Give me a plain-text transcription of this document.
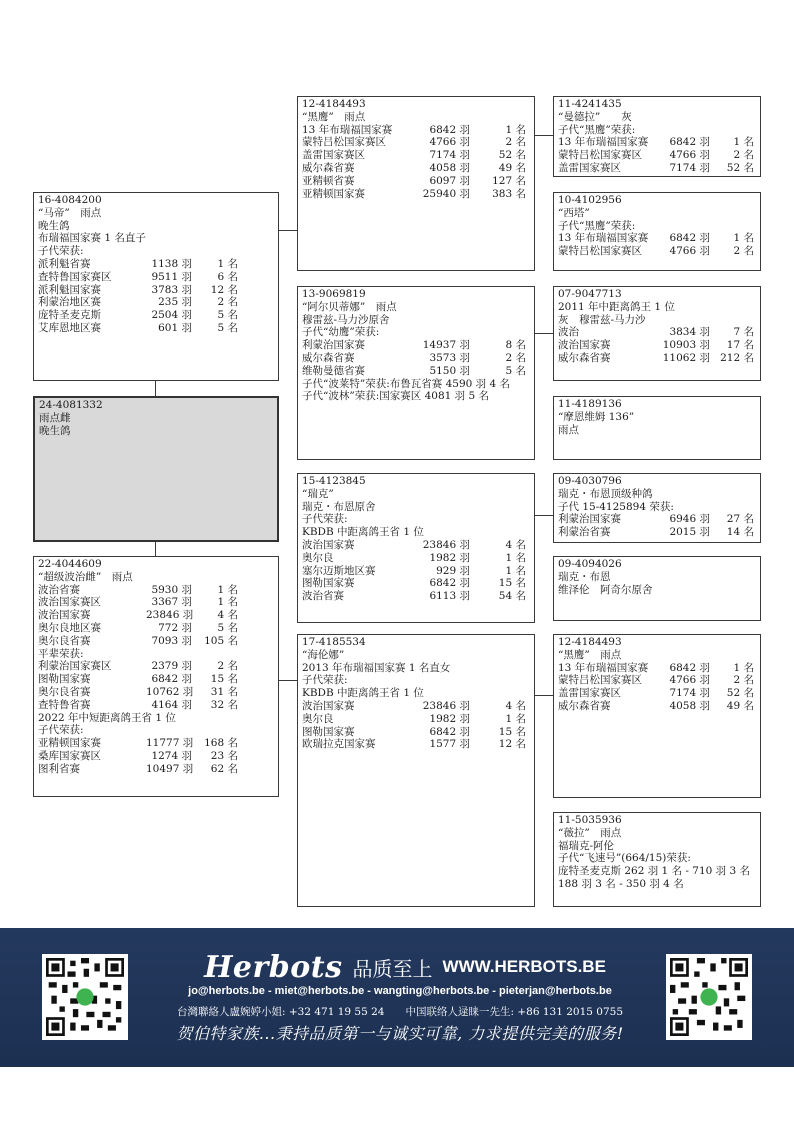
16-4084200
“马帝”　雨点
晚生鸽
布瑞福国家赛 1 名直子
子代荣获:
派利魁省赛	1138 羽	1 名
查特鲁国家赛区	9511 羽	6 名
派利魁国家赛	3783 羽	12 名
利蒙治地区赛	235 羽	2 名
庞特圣麦克斯	2504 羽	5 名
艾库恩地区赛	601 羽	5 名
24-4081332
雨点雌
晚生鸽
22-4044609
“超级波治雌”　雨点
波治省赛	5930 羽	1 名
波治国家赛区	3367 羽	1 名
波治国家赛	23846 羽	4 名
奥尔良地区赛	772 羽	5 名
奥尔良省赛	7093 羽	105 名
平辈荣获:
利蒙治国家赛区	2379 羽	2 名
图勒国家赛	6842 羽	15 名
奥尔良省赛	10762 羽	31 名
查特鲁省赛	4164 羽	32 名
2022 年中短距离鸽王省 1 位
子代荣获:
亚精顿国家赛	11777 羽	168 名
桑库国家赛区	1274 羽	23 名
图利省赛	10497 羽	62 名
12-4184493
“黑鹰”　雨点
13 年布瑞福国家赛	6842 羽	1 名
蒙特吕松国家赛区	4766 羽	2 名
盖雷国家赛区	7174 羽	52 名
威尔森省赛	4058 羽	49 名
亚精顿省赛	6097 羽	127 名
亚精顿国家赛	25940 羽	383 名
13-9069819
“阿尔贝蒂娜”　雨点
穆雷兹-马力沙原舍
子代“幼鹰”荣获:
利蒙治国家赛	14937 羽	8 名
威尔森省赛	3573 羽	2 名
维勒曼德省赛	5150 羽	5 名
子代“波莱特”荣获:布鲁瓦省赛 4590 羽 4 名
子代“波林”荣获:国家赛区 4081 羽 5 名
15-4123845
“瑞克”
瑞克・布恩原舍
子代荣获:
KBDB 中距离鸽王省 1 位
波治国家赛	23846 羽	4 名
奥尔良	1982 羽	1 名
塞尔迈斯地区赛	929 羽	1 名
图勒国家赛	6842 羽	15 名
波治省赛	6113 羽	54 名
17-4185534
“海伦娜”
2013 年布瑞福国家赛 1 名直女
子代荣获:
KBDB 中距离鸽王省 1 位
波治国家赛	23846 羽	4 名
奥尔良	1982 羽	1 名
图勒国家赛	6842 羽	15 名
欧瑞拉克国家赛	1577 羽	12 名
11-4241435
“曼德拉”　　灰
子代“黑鹰”荣获:
13 年布瑞福国家赛	6842 羽	1 名
蒙特吕松国家赛区	4766 羽	2 名
盖雷国家赛区	7174 羽	52 名
10-4102956
“西塔”
子代“黑鹰”荣获:
13 年布瑞福国家赛	6842 羽	1 名
蒙特吕松国家赛区	4766 羽	2 名
07-9047713
2011 年中距离鸽王 1 位
灰　穆雷兹-马力沙
波治	3834 羽	7 名
波治国家赛	10903 羽	17 名
威尔森省赛	11062 羽 212 名
11-4189136
“摩恩维姆 136”
雨点
09-4030796
瑞克・布恩顶级种鸽
子代 15-4125894 荣获:
利蒙治国家赛	6946 羽	27 名
利蒙治省赛	2015 羽	14 名
09-4094026
瑞克・布恩
维泽伦　阿奇尔原舍
12-4184493
“黑鹰”　雨点
13 年布瑞福国家赛	6842 羽	1 名
蒙特吕松国家赛区	4766 羽	2 名
盖雷国家赛区	7174 羽	52 名
威尔森省赛	4058 羽	49 名
11-5035936
“薇拉”　雨点
福瑞克-阿伦
子代“飞速号”(664/15)荣获:
庞特圣麦克斯 262 羽 1 名 - 710 羽 3 名
188 羽 3 名 - 350 羽 4 名
Herbots 品质至上 WWW.HERBOTS.BE
jo@herbots.be - miet@herbots.be - wangting@herbots.be - pieterjan@herbots.be
台灣聯絡人盧婉婷小姐: +32 471 19 55 24　　中国联络人逯睐一先生: +86 131 2015 0755
贺伯特家族...秉持品质第一与诚实可靠, 力求提供完美的服务!
